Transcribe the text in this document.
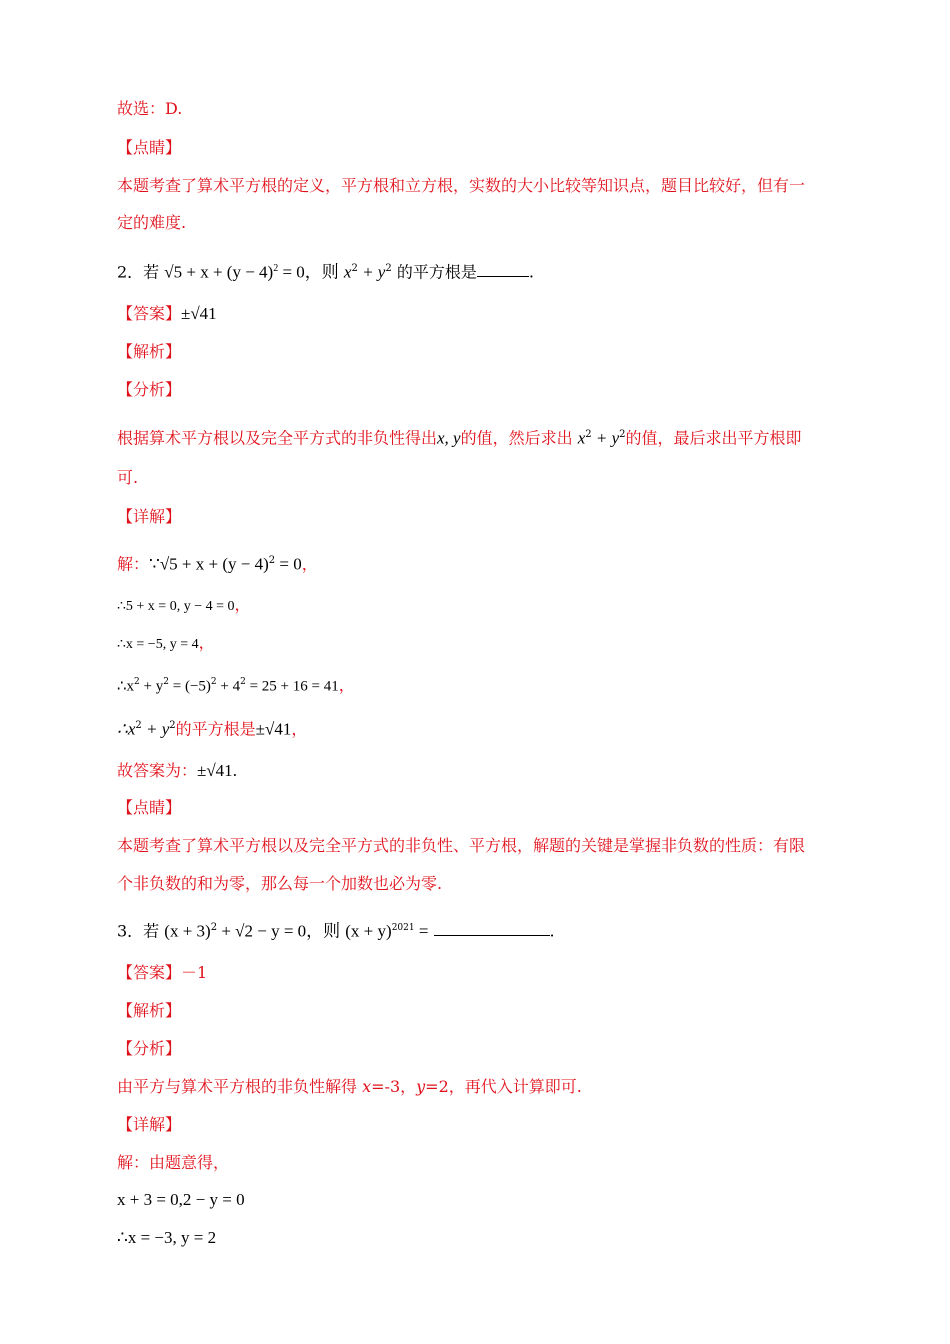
故选：D.
【点睛】
本题考查了算术平方根的定义，平方根和立方根，实数的大小比较等知识点，题目比较好，但有一
定的难度.
2．若 $√5 + x + (y - 4)^2 = 0$，则 $x^2 + y^2$ 的平方根是	.
【答案】±√41
【解析】
【分析】
根据算术平方根以及完全平方式的非负性得出x, y的值，然后求出 $x^2 + y^2$的值，最后求出平方根即
可.
【详解】
解：∵√5 + $x + (y - 4)^2 = 0$，
∴5 + x = 0, y − 4 = 0，
∴x = −5, y = 4，
$\therefore x^2 + y^2 = (-5)^2 + 4^2 = 25 + 16 = 41$，
$\therefore x^2 + y^2$的平方根是±√41，
故答案为：±√41.
【点睛】
本题考查了算术平方根以及完全平方式的非负性、平方根，解题的关键是掌握非负数的性质：有限
个非负数的和为零，那么每一个加数也必为零.
3．若 $(x + 3)^2 + √2 - y = 0$，则 $(x + y)^{2021}$ =	.
【答案】－1
【解析】
【分析】
由平方与算术平方根的非负性解得 x=-3，y=2，再代入计算即可.
【详解】
解：由题意得，
x + 3 = 0,2 − y = 0
∴x = −3, y = 2
